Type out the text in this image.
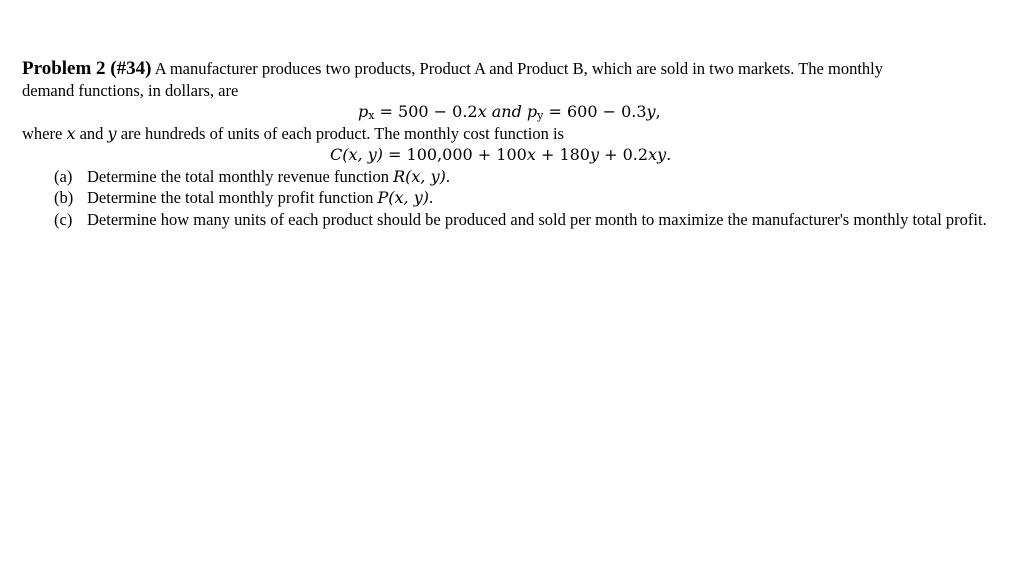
Problem 2 (#34) A manufacturer produces two products, Product A and Product B, which are sold in two markets. The monthly
demand functions, in dollars, are
$p_x = 500 - 0.2x$ and $p_y = 600 - 0.3y$,
where x and y are hundreds of units of each product. The monthly cost function is
C(x, y) = 100,000 + 100x + 180y + 0.2xy.
(a) Determine the total monthly revenue function R(x, y).
(b) Determine the total monthly profit function P(x, y).
(c) Determine how many units of each product should be produced and sold per month to maximize the manufacturer's monthly total profit.
